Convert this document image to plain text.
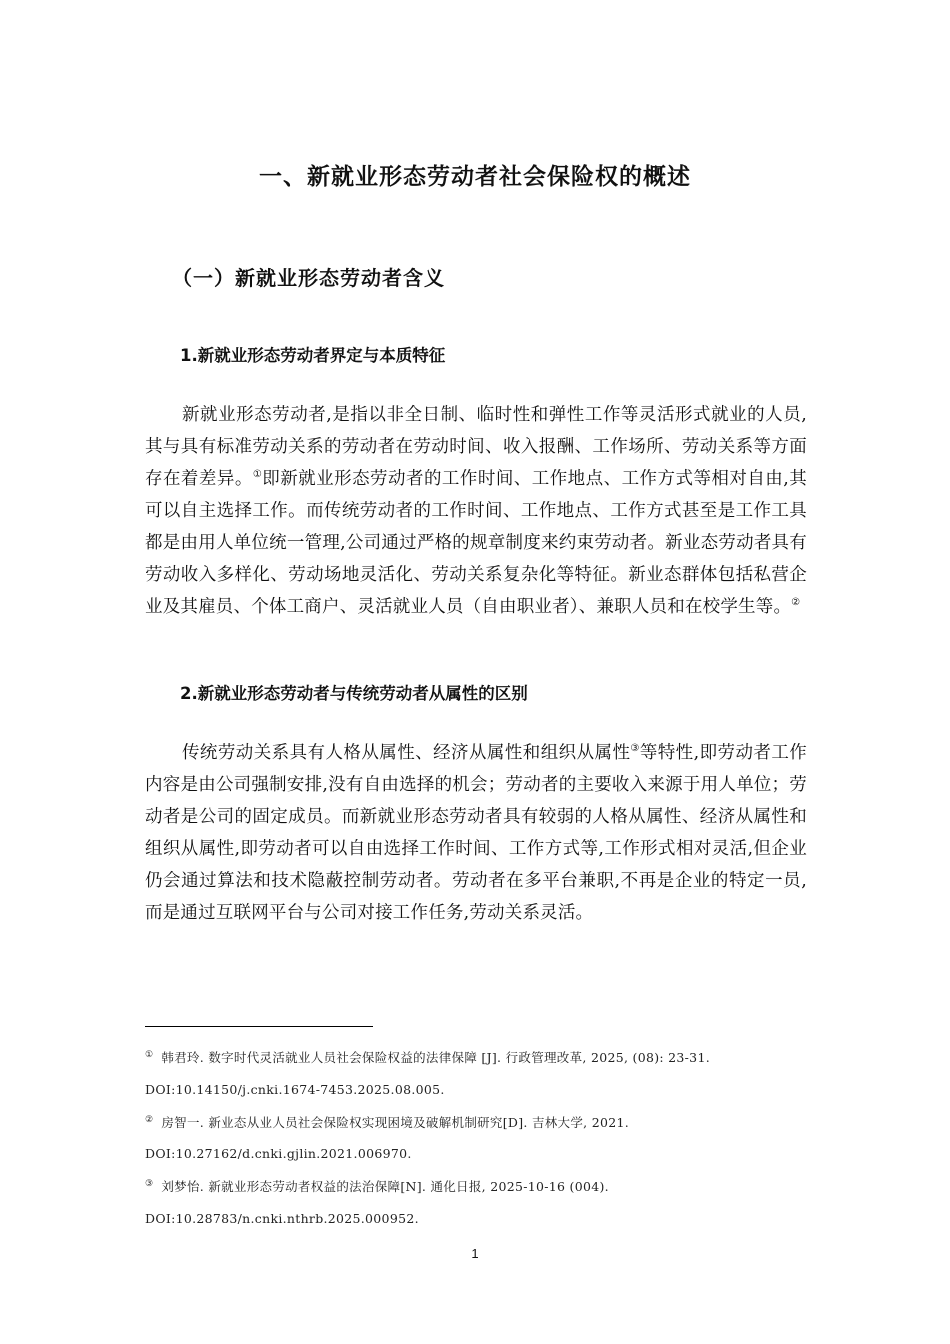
一、新就业形态劳动者社会保险权的概述
（一）新就业形态劳动者含义
1.新就业形态劳动者界定与本质特征
新就业形态劳动者,是指以非全日制、临时性和弹性工作等灵活形式就业的人员,其与具有标准劳动关系的劳动者在劳动时间、收入报酬、工作场所、劳动关系等方面存在着差异。①即新就业形态劳动者的工作时间、工作地点、工作方式等相对自由,其可以自主选择工作。而传统劳动者的工作时间、工作地点、工作方式甚至是工作工具都是由用人单位统一管理,公司通过严格的规章制度来约束劳动者。新业态劳动者具有劳动收入多样化、劳动场地灵活化、劳动关系复杂化等特征。新业态群体包括私营企业及其雇员、个体工商户、灵活就业人员（自由职业者）、兼职人员和在校学生等。②
2.新就业形态劳动者与传统劳动者从属性的区别
传统劳动关系具有人格从属性、经济从属性和组织从属性③等特性,即劳动者工作内容是由公司强制安排,没有自由选择的机会；劳动者的主要收入来源于用人单位；劳动者是公司的固定成员。而新就业形态劳动者具有较弱的人格从属性、经济从属性和组织从属性,即劳动者可以自由选择工作时间、工作方式等,工作形式相对灵活,但企业仍会通过算法和技术隐蔽控制劳动者。劳动者在多平台兼职,不再是企业的特定一员,而是通过互联网平台与公司对接工作任务,劳动关系灵活。
① 韩君玲. 数字时代灵活就业人员社会保险权益的法律保障 [J]. 行政管理改革, 2025, (08): 23-31.
DOI:10.14150/j.cnki.1674-7453.2025.08.005.
② 房智一. 新业态从业人员社会保险权实现困境及破解机制研究[D]. 吉林大学, 2021.
DOI:10.27162/d.cnki.gjlin.2021.006970.
③ 刘梦怡. 新就业形态劳动者权益的法治保障[N]. 通化日报, 2025-10-16 (004).
DOI:10.28783/n.cnki.nthrb.2025.000952.
1
